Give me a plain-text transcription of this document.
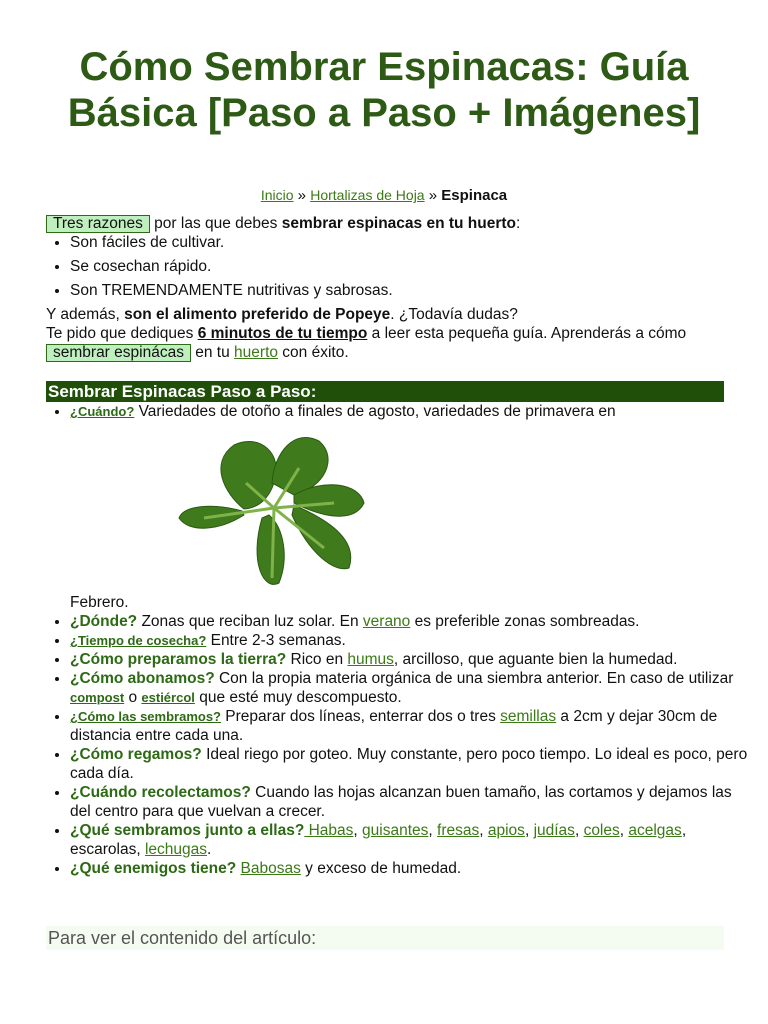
Cómo Sembrar Espinacas: Guía Básica [Paso a Paso + Imágenes]
Inicio » Hortalizas de Hoja » Espinaca
Tres razones por las que debes sembrar espinacas en tu huerto:
• Son fáciles de cultivar.
• Se cosechan rápido.
• Son TREMENDAMENTE nutritivas y sabrosas.
Y además, son el alimento preferido de Popeye. ¿Todavía dudas?
Te pido que dediques 6 minutos de tu tiempo a leer esta pequeña guía. Aprenderás a cómo sembrar espinácas en tu huerto con éxito.
Sembrar Espinacas Paso a Paso:
• ¿Cuándo? Variedades de otoño a finales de agosto, variedades de primavera en
Febrero.
• ¿Dónde? Zonas que reciban luz solar. En verano es preferible zonas sombreadas.
• ¿Tiempo de cosecha? Entre 2-3 semanas.
• ¿Cómo preparamos la tierra? Rico en humus, arcilloso, que aguante bien la humedad.
• ¿Cómo abonamos? Con la propia materia orgánica de una siembra anterior. En caso de utilizar compost o estiércol que esté muy descompuesto.
• ¿Cómo las sembramos? Preparar dos líneas, enterrar dos o tres semillas a 2cm y dejar 30cm de distancia entre cada una.
• ¿Cómo regamos? Ideal riego por goteo. Muy constante, pero poco tiempo. Lo ideal es poco, pero cada día.
• ¿Cuándo recolectamos? Cuando las hojas alcanzan buen tamaño, las cortamos y dejamos las del centro para que vuelvan a crecer.
• ¿Qué sembramos junto a ellas? Habas, guisantes, fresas, apios, judías, coles, acelgas, escarolas, lechugas.
• ¿Qué enemigos tiene? Babosas y exceso de humedad.
Para ver el contenido del artículo:
